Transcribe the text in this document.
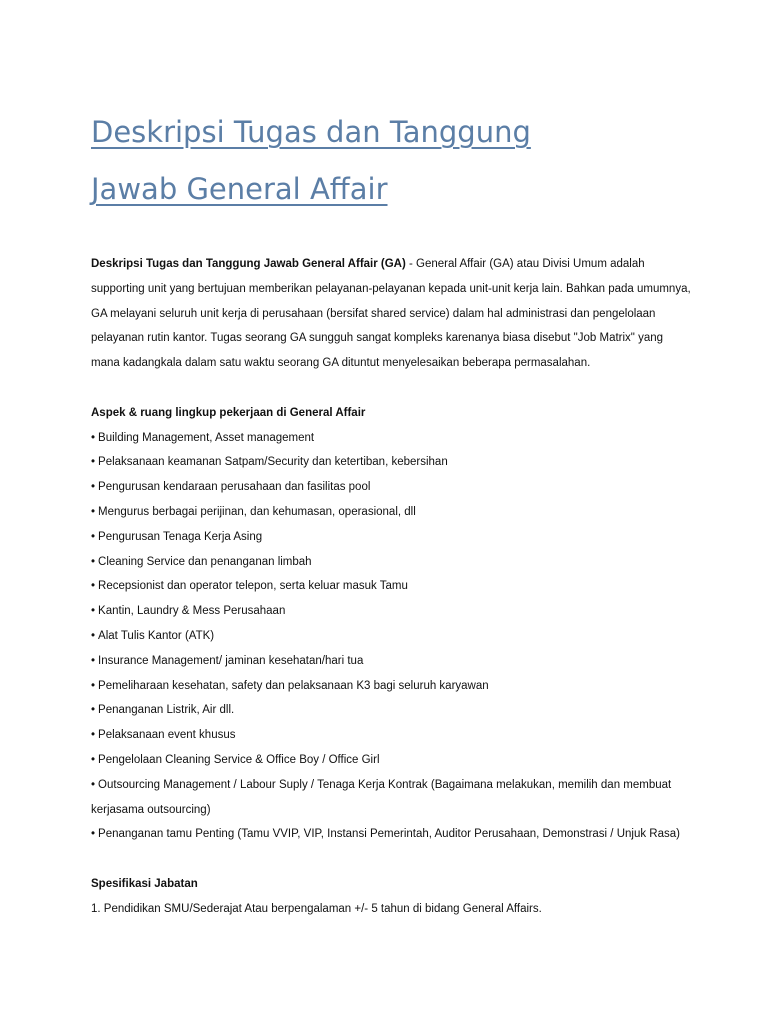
Deskripsi Tugas dan Tanggung
Jawab General Affair

Deskripsi Tugas dan Tanggung Jawab General Affair (GA) - General Affair (GA) atau Divisi Umum adalah supporting unit yang bertujuan memberikan pelayanan-pelayanan kepada unit-unit kerja lain. Bahkan pada umumnya, GA melayani seluruh unit kerja di perusahaan (bersifat shared service) dalam hal administrasi dan pengelolaan pelayanan rutin kantor. Tugas seorang GA sungguh sangat kompleks karenanya biasa disebut "Job Matrix" yang mana kadangkala dalam satu waktu seorang GA dituntut menyelesaikan beberapa permasalahan.

Aspek & ruang lingkup pekerjaan di General Affair

• Building Management, Asset management
• Pelaksanaan keamanan Satpam/Security dan ketertiban, kebersihan
• Pengurusan kendaraan perusahaan dan fasilitas pool
• Mengurus berbagai perijinan, dan kehumasan, operasional, dll
• Pengurusan Tenaga Kerja Asing
• Cleaning Service dan penanganan limbah
• Recepsionist dan operator telepon, serta keluar masuk Tamu
• Kantin, Laundry & Mess Perusahaan
• Alat Tulis Kantor (ATK)
• Insurance Management/ jaminan kesehatan/hari tua
• Pemeliharaan kesehatan, safety dan pelaksanaan K3 bagi seluruh karyawan
• Penanganan Listrik, Air dll.
• Pelaksanaan event khusus
• Pengelolaan Cleaning Service & Office Boy / Office Girl
• Outsourcing Management / Labour Suply / Tenaga Kerja Kontrak (Bagaimana melakukan, memilih dan membuat kerjasama outsourcing)
• Penanganan tamu Penting (Tamu VVIP, VIP, Instansi Pemerintah, Auditor Perusahaan, Demonstrasi / Unjuk Rasa)

Spesifikasi Jabatan

1. Pendidikan SMU/Sederajat Atau berpengalaman +/- 5 tahun di bidang General Affairs.
